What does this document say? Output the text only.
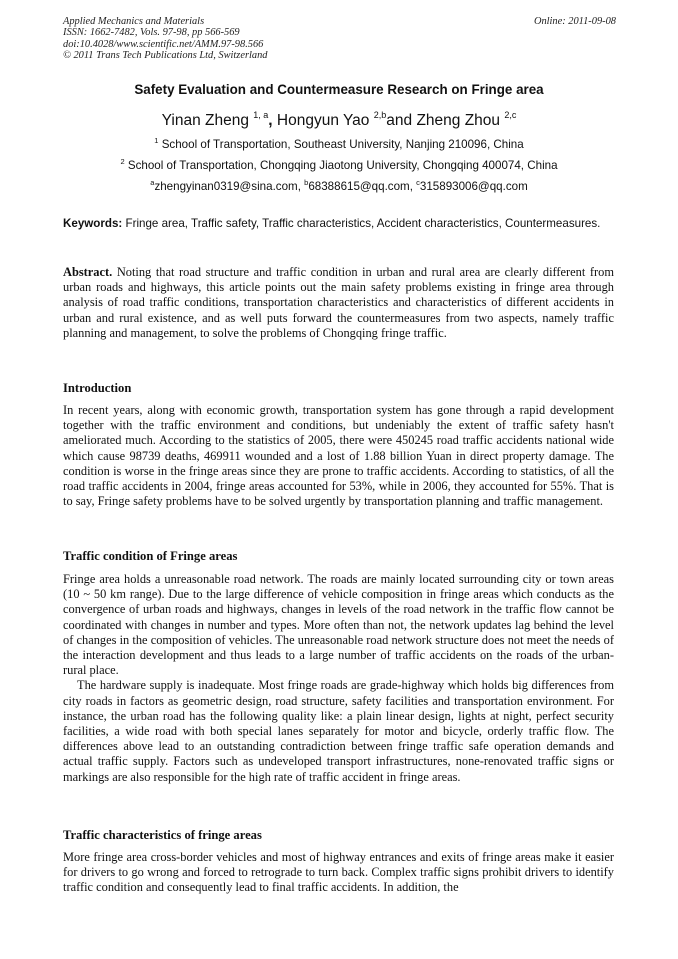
Applied Mechanics and Materials
ISSN: 1662-7482, Vols. 97-98, pp 566-569
doi:10.4028/www.scientific.net/AMM.97-98.566
© 2011 Trans Tech Publications Ltd, Switzerland
Online: 2011-09-08
Safety Evaluation and Countermeasure Research on Fringe area
Yinan Zheng $^{1, a}$, Hongyun Yao $^{2,b}$and Zheng Zhou $^{2,c}$
$^1$ School of Transportation, Southeast University, Nanjing 210096, China
$^2$ School of Transportation, Chongqing Jiaotong University, Chongqing 400074, China
$^a$zhengyinan0319@sina.com, $^b$68388615@qq.com, $^c$315893006@qq.com
Keywords: Fringe area, Traffic safety, Traffic characteristics, Accident characteristics, Countermeasures.

Abstract. Noting that road structure and traffic condition in urban and rural area are clearly different from urban roads and highways, this article points out the main safety problems existing in fringe area through analysis of road traffic conditions, transportation characteristics and characteristics of different accidents in urban and rural existence, and as well puts forward the countermeasures from two aspects, namely traffic planning and management, to solve the problems of Chongqing fringe traffic.

Introduction

In recent years, along with economic growth, transportation system has gone through a rapid development together with the traffic environment and conditions, but undeniably the extent of traffic safety hasn't ameliorated much. According to the statistics of 2005, there were 450245 road traffic accidents national wide which cause 98739 deaths, 469911 wounded and a lost of 1.88 billion Yuan in direct property damage. The condition is worse in the fringe areas since they are prone to traffic accidents. According to statistics, of all the road traffic accidents in 2004, fringe areas accounted for 53%, while in 2006, they accounted for 55%. That is to say, Fringe safety problems have to be solved urgently by transportation planning and traffic management.

Traffic condition of Fringe areas

Fringe area holds a unreasonable road network. The roads are mainly located surrounding city or town areas (10 ~ 50 km range). Due to the large difference of vehicle composition in fringe areas which conducts as the convergence of urban roads and highways, changes in levels of the road network in the traffic flow cannot be coordinated with changes in number and types. More often than not, the network updates lag behind the level of changes in the composition of vehicles. The unreasonable road network structure does not meet the needs of the interaction development and thus leads to a large number of traffic accidents on the roads of the urban-rural place.

The hardware supply is inadequate. Most fringe roads are grade-highway which holds big differences from city roads in factors as geometric design, road structure, safety facilities and transportation environment. For instance, the urban road has the following quality like: a plain linear design, lights at night, perfect security facilities, a wide road with both special lanes separately for motor and bicycle, orderly traffic flow. The differences above lead to an outstanding contradiction between fringe traffic safe operation demands and actual traffic supply. Factors such as undeveloped transport infrastructures, none-renovated traffic signs or markings are also responsible for the high rate of traffic accident in fringe areas.

Traffic characteristics of fringe areas

More fringe area cross-border vehicles and most of highway entrances and exits of fringe areas make it easier for drivers to go wrong and forced to retrograde to turn back. Complex traffic signs prohibit drivers to identify traffic condition and consequently lead to final traffic accidents. In addition, the
